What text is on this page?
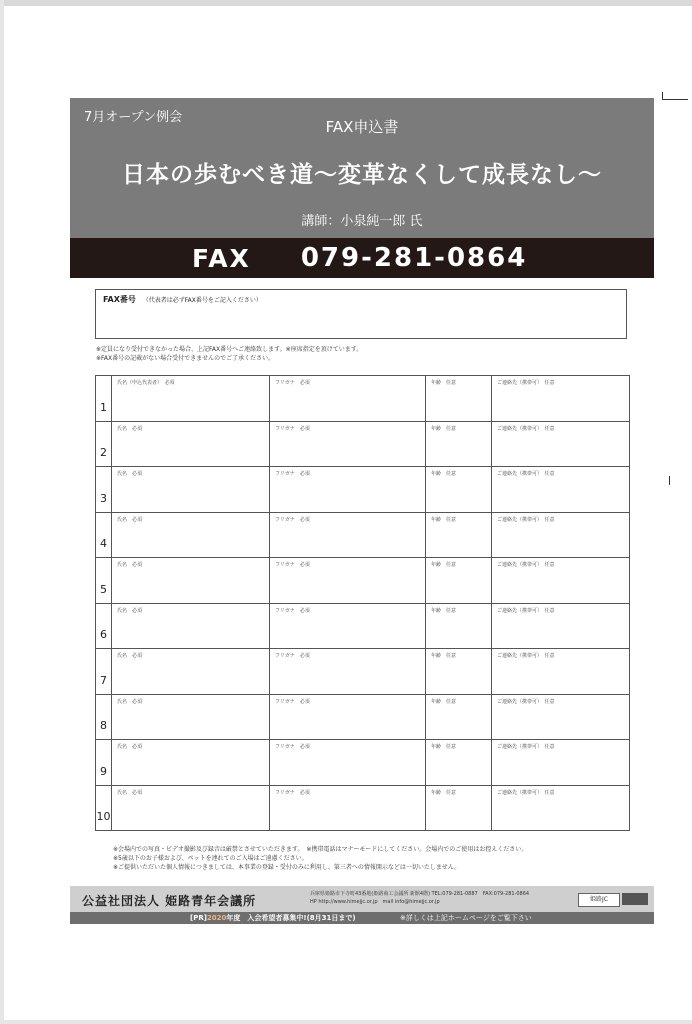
7月オープン例会
FAX申込書
日本の歩むべき道〜変革なくして成長なし〜
講師：小泉純一郎 氏
FAX 079-281-0864
FAX番号 （代表者は必ずFAX番号をご記入ください）
※定員になり受付できなかった場合、上記FAX番号へご連絡致します。※座席指定を頂けています。
※FAX番号の記載がない場合受付できませんのでご了承ください。
1	氏名（申込代表者）　必須	フリガナ　必須	年齢　任意	ご連絡先（携帯可）　任意

2	氏名　必須	フリガナ　必須	年齢　任意	ご連絡先（携帯可）　任意

3	氏名　必須	フリガナ　必須	年齢　任意	ご連絡先（携帯可）　任意

4	氏名　必須	フリガナ　必須	年齢　任意	ご連絡先（携帯可）　任意

5	氏名　必須	フリガナ　必須	年齢　任意	ご連絡先（携帯可）　任意

6	氏名　必須	フリガナ　必須	年齢　任意	ご連絡先（携帯可）　任意

7	氏名　必須	フリガナ　必須	年齢　任意	ご連絡先（携帯可）　任意

8	氏名　必須	フリガナ　必須	年齢　任意	ご連絡先（携帯可）　任意

9	氏名　必須	フリガナ　必須	年齢　任意	ご連絡先（携帯可）　任意

10	氏名　必須	フリガナ　必須	年齢　任意	ご連絡先（携帯可）　任意
※会場内での写真・ビデオ撮影及び録音は厳禁とさせていただきます。　※携帯電話はマナーモードにしてください。会場内でのご使用はお控えください。
※5歳以下のお子様および、ペットを連れてのご入場はご遠慮ください。
※ご提供いただいた個人情報につきましては、本事業の登録・受付のみに利用し、第三者への情報開示などは一切いたしません。
公益社団法人 姫路青年会議所	兵庫県姫路市下寺町43番地(姫路商工会議所 新館4階) TEL:079-281-0887　FAX:079-281-0864
HP http://www.himejjc.or.jp　mail info@himejjc.or.jp	姫路JC
[PR]2020年度　入会希望者募集中!(8月31日まで)	※詳しくは上記ホームページをご覧下さい
